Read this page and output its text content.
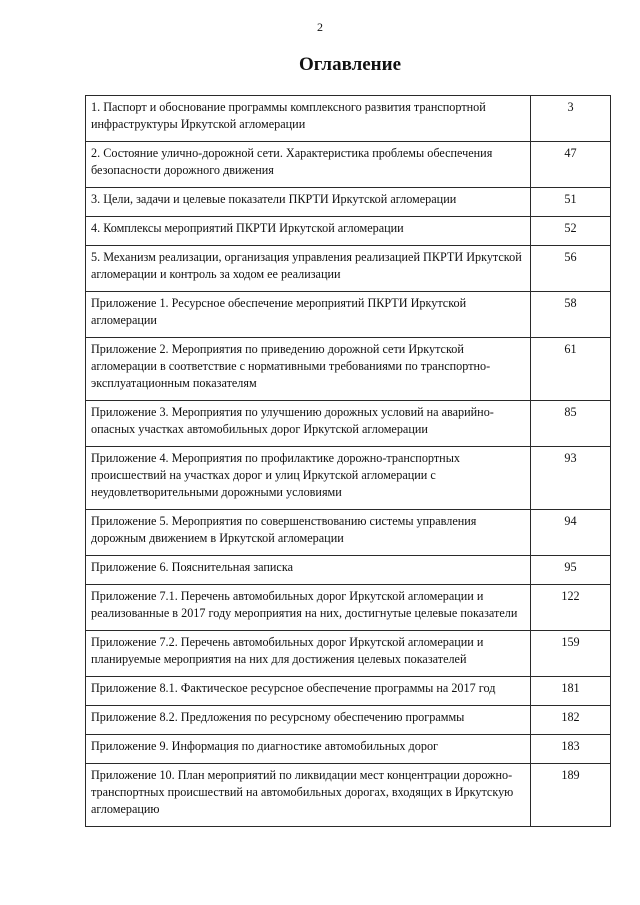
2
Оглавление
1. Паспорт и обоснование программы комплексного развития транспортной инфраструктуры Иркутской агломерации	3
2. Состояние улично-дорожной сети. Характеристика проблемы обеспечения безопасности дорожного движения	47
3. Цели, задачи и целевые показатели ПКРТИ Иркутской агломерации	51
4. Комплексы мероприятий ПКРТИ Иркутской агломерации	52
5. Механизм реализации, организация управления реализацией ПКРТИ Иркутской агломерации и контроль за ходом ее реализации	56
Приложение 1. Ресурсное обеспечение мероприятий ПКРТИ Иркутской агломерации	58
Приложение 2. Мероприятия по приведению дорожной сети Иркутской агломерации в соответствие с нормативными требованиями по транспортно-эксплуатационным показателям	61
Приложение 3. Мероприятия по улучшению дорожных условий на аварийно-опасных участках автомобильных дорог Иркутской агломерации	85
Приложение 4. Мероприятия по профилактике дорожно-транспортных происшествий на участках дорог и улиц Иркутской агломерации с неудовлетворительными дорожными условиями	93
Приложение 5. Мероприятия по совершенствованию системы управления дорожным движением в Иркутской агломерации	94
Приложение 6. Пояснительная записка	95
Приложение 7.1. Перечень автомобильных дорог Иркутской агломерации и реализованные в 2017 году мероприятия на них, достигнутые целевые показатели	122
Приложение 7.2. Перечень автомобильных дорог Иркутской агломерации и планируемые мероприятия на них для достижения целевых показателей	159
Приложение 8.1. Фактическое ресурсное обеспечение программы на 2017 год	181
Приложение 8.2. Предложения по ресурсному обеспечению программы	182
Приложение 9. Информация по диагностике автомобильных дорог	183
Приложение 10. План мероприятий по ликвидации мест концентрации дорожно-транспортных происшествий на автомобильных дорогах, входящих в Иркутскую агломерацию	189
